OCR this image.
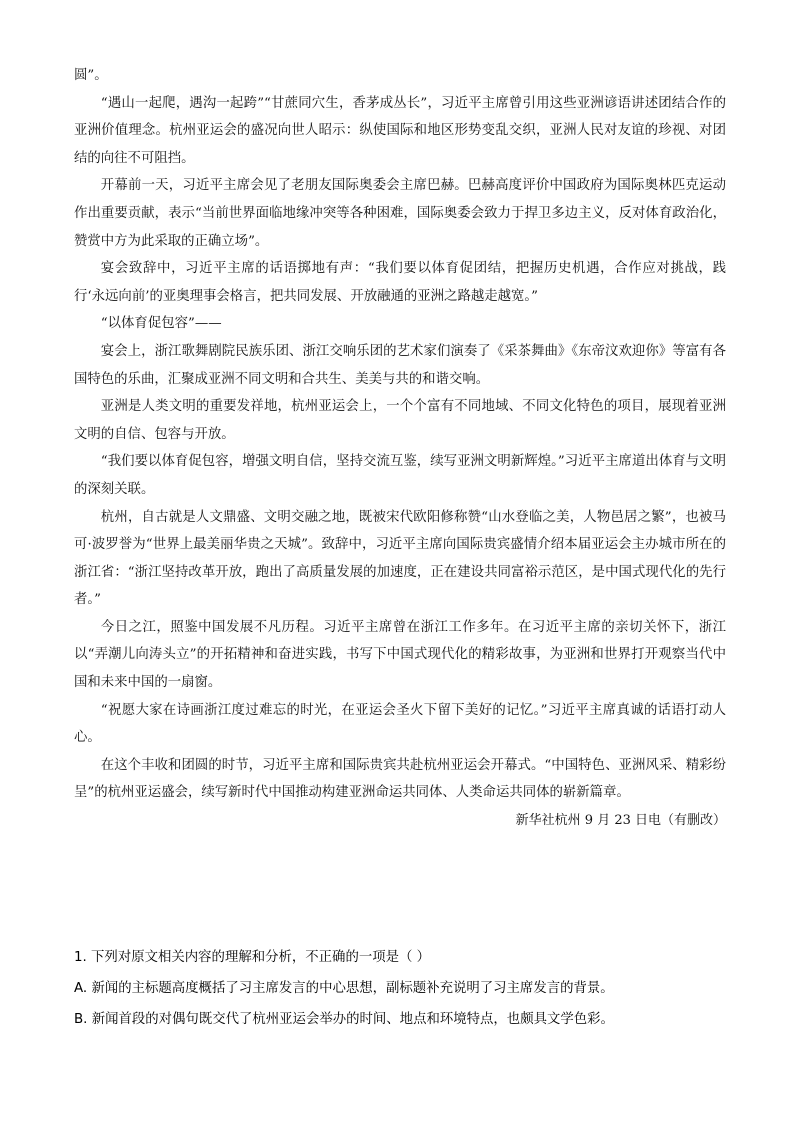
圆”。

“遇山一起爬，遇沟一起跨”“甘蔗同穴生，香茅成丛长”，习近平主席曾引用这些亚洲谚语讲述团结合作的亚洲价值理念。杭州亚运会的盛况向世人昭示：纵使国际和地区形势变乱交织，亚洲人民对友谊的珍视、对团结的向往不可阻挡。

开幕前一天，习近平主席会见了老朋友国际奥委会主席巴赫。巴赫高度评价中国政府为国际奥林匹克运动作出重要贡献，表示“当前世界面临地缘冲突等各种困难，国际奥委会致力于捍卫多边主义，反对体育政治化，赞赏中方为此采取的正确立场”。

宴会致辞中，习近平主席的话语掷地有声：“我们要以体育促团结，把握历史机遇，合作应对挑战，践行‘永远向前’的亚奥理事会格言，把共同发展、开放融通的亚洲之路越走越宽。”

“以体育促包容”——

宴会上，浙江歌舞剧院民族乐团、浙江交响乐团的艺术家们演奏了《采茶舞曲》《东帝汶欢迎你》等富有各国特色的乐曲，汇聚成亚洲不同文明和合共生、美美与共的和谐交响。

亚洲是人类文明的重要发祥地，杭州亚运会上，一个个富有不同地域、不同文化特色的项目，展现着亚洲文明的自信、包容与开放。

“我们要以体育促包容，增强文明自信，坚持交流互鉴，续写亚洲文明新辉煌。”习近平主席道出体育与文明的深刻关联。

杭州，自古就是人文鼎盛、文明交融之地，既被宋代欧阳修称赞“山水登临之美，人物邑居之繁”，也被马可·波罗誉为“世界上最美丽华贵之天城”。致辞中，习近平主席向国际贵宾盛情介绍本届亚运会主办城市所在的浙江省：“浙江坚持改革开放，跑出了高质量发展的加速度，正在建设共同富裕示范区，是中国式现代化的先行者。”

今日之江，照鉴中国发展不凡历程。习近平主席曾在浙江工作多年。在习近平主席的亲切关怀下，浙江以“弄潮儿向涛头立”的开拓精神和奋进实践，书写下中国式现代化的精彩故事，为亚洲和世界打开观察当代中国和未来中国的一扇窗。

“祝愿大家在诗画浙江度过难忘的时光，在亚运会圣火下留下美好的记忆。”习近平主席真诚的话语打动人心。

在这个丰收和团圆的时节，习近平主席和国际贵宾共赴杭州亚运会开幕式。“中国特色、亚洲风采、精彩纷呈”的杭州亚运盛会，续写新时代中国推动构建亚洲命运共同体、人类命运共同体的崭新篇章。

新华社杭州 9 月 23 日电（有删改）

1. 下列对原文相关内容的理解和分析，不正确的一项是（ ）

A. 新闻的主标题高度概括了习主席发言的中心思想，副标题补充说明了习主席发言的背景。

B. 新闻首段的对偶句既交代了杭州亚运会举办的时间、地点和环境特点，也颇具文学色彩。
